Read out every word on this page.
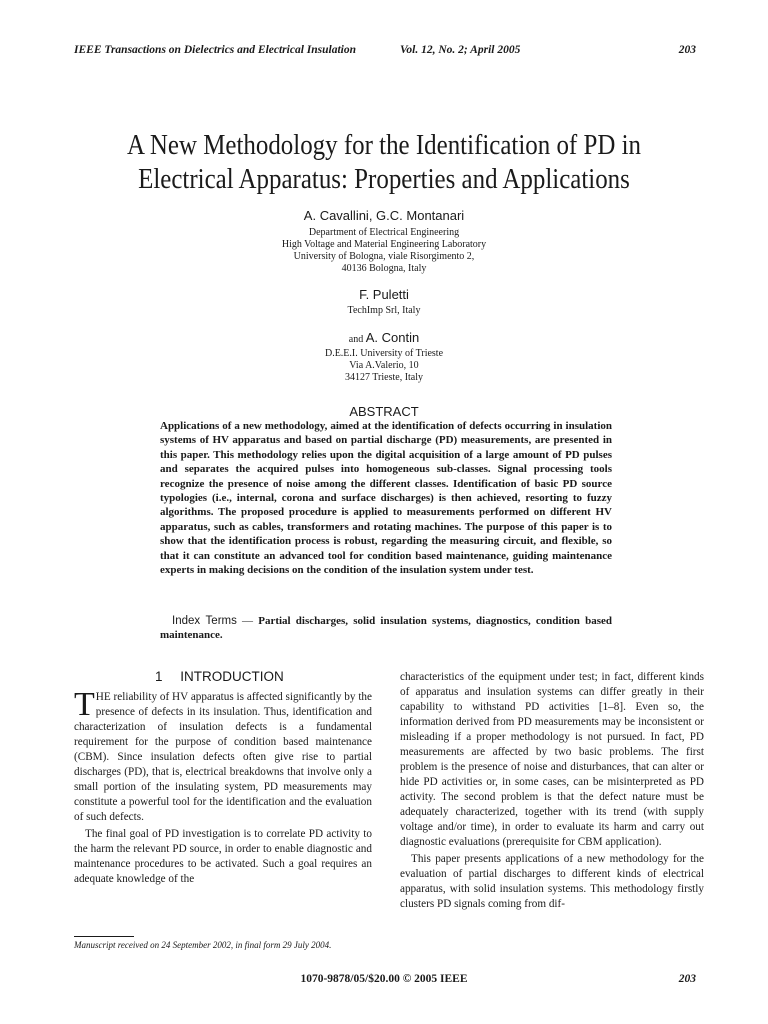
IEEE Transactions on Dielectrics and Electrical Insulation	Vol. 12, No. 2; April 2005	203
A New Methodology for the Identification of PD in
Electrical Apparatus: Properties and Applications
A. Cavallini, G.C. Montanari
Department of Electrical Engineering
High Voltage and Material Engineering Laboratory
University of Bologna, viale Risorgimento 2,
40136 Bologna, Italy
F. Puletti
TechImp Srl, Italy
and A. Contin
D.E.E.I. University of Trieste
Via A.Valerio, 10
34127 Trieste, Italy
ABSTRACT
Applications of a new methodology, aimed at the identification of defects occurring in insulation systems of HV apparatus and based on partial discharge (PD) measurements, are presented in this paper. This methodology relies upon the digital acquisition of a large amount of PD pulses and separates the acquired pulses into homogeneous sub-classes. Signal processing tools recognize the presence of noise among the different classes. Identification of basic PD source typologies (i.e., internal, corona and surface discharges) is then achieved, resorting to fuzzy algorithms. The proposed procedure is applied to measurements performed on different HV apparatus, such as cables, transformers and rotating machines. The purpose of this paper is to show that the identification process is robust, regarding the measuring circuit, and flexible, so that it can constitute an advanced tool for condition based maintenance, guiding maintenance experts in making decisions on the condition of the insulation system under test.
Index Terms — Partial discharges, solid insulation systems, diagnostics, condition based maintenance.
1 INTRODUCTION

THE reliability of HV apparatus is affected significantly by the presence of defects in its insulation. Thus, identification and characterization of insulation defects is a fundamental requirement for the purpose of condition based maintenance (CBM). Since insulation defects often give rise to partial discharges (PD), that is, electrical breakdowns that involve only a small portion of the insulating system, PD measurements may constitute a powerful tool for the identification and the evaluation of such defects.

The final goal of PD investigation is to correlate PD activity to the harm the relevant PD source, in order to enable diagnostic and maintenance procedures to be activated. Such a goal requires an adequate knowledge of the

characteristics of the equipment under test; in fact, different kinds of apparatus and insulation systems can differ greatly in their capability to withstand PD activities [1–8]. Even so, the information derived from PD measurements may be inconsistent or misleading if a proper methodology is not pursued. In fact, PD measurements are affected by two basic problems. The first problem is the presence of noise and disturbances, that can alter or hide PD activities or, in some cases, can be misinterpreted as PD activity. The second problem is that the defect nature must be adequately characterized, together with its trend (with supply voltage and/or time), in order to evaluate its harm and carry out diagnostic evaluations (prerequisite for CBM application).

This paper presents applications of a new methodology for the evaluation of partial discharges to different kinds of electrical apparatus, with solid insulation systems. This methodology firstly clusters PD signals coming from dif-

Manuscript received on 24 September 2002, in final form 29 July 2004.
1070-9878/05/$20.00 © 2005 IEEE	203
